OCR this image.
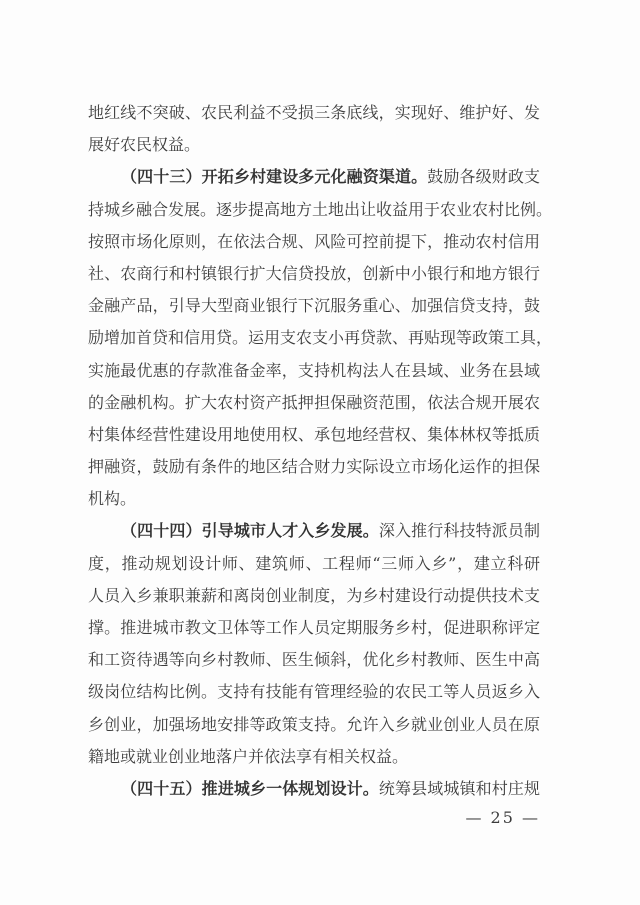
地红线不突破、农民利益不受损三条底线，实现好、维护好、发
展好农民权益。
（四十三）开拓乡村建设多元化融资渠道。鼓励各级财政支
持城乡融合发展。逐步提高地方土地出让收益用于农业农村比例。
按照市场化原则，在依法合规、风险可控前提下，推动农村信用
社、农商行和村镇银行扩大信贷投放，创新中小银行和地方银行
金融产品，引导大型商业银行下沉服务重心、加强信贷支持，鼓
励增加首贷和信用贷。运用支农支小再贷款、再贴现等政策工具，
实施最优惠的存款准备金率，支持机构法人在县域、业务在县域
的金融机构。扩大农村资产抵押担保融资范围，依法合规开展农
村集体经营性建设用地使用权、承包地经营权、集体林权等抵质
押融资，鼓励有条件的地区结合财力实际设立市场化运作的担保
机构。
（四十四）引导城市人才入乡发展。深入推行科技特派员制
度，推动规划设计师、建筑师、工程师“三师入乡”，建立科研
人员入乡兼职兼薪和离岗创业制度，为乡村建设行动提供技术支
撑。推进城市教文卫体等工作人员定期服务乡村，促进职称评定
和工资待遇等向乡村教师、医生倾斜，优化乡村教师、医生中高
级岗位结构比例。支持有技能有管理经验的农民工等人员返乡入
乡创业，加强场地安排等政策支持。允许入乡就业创业人员在原
籍地或就业创业地落户并依法享有相关权益。
（四十五）推进城乡一体规划设计。统筹县域城镇和村庄规
— 25 —
